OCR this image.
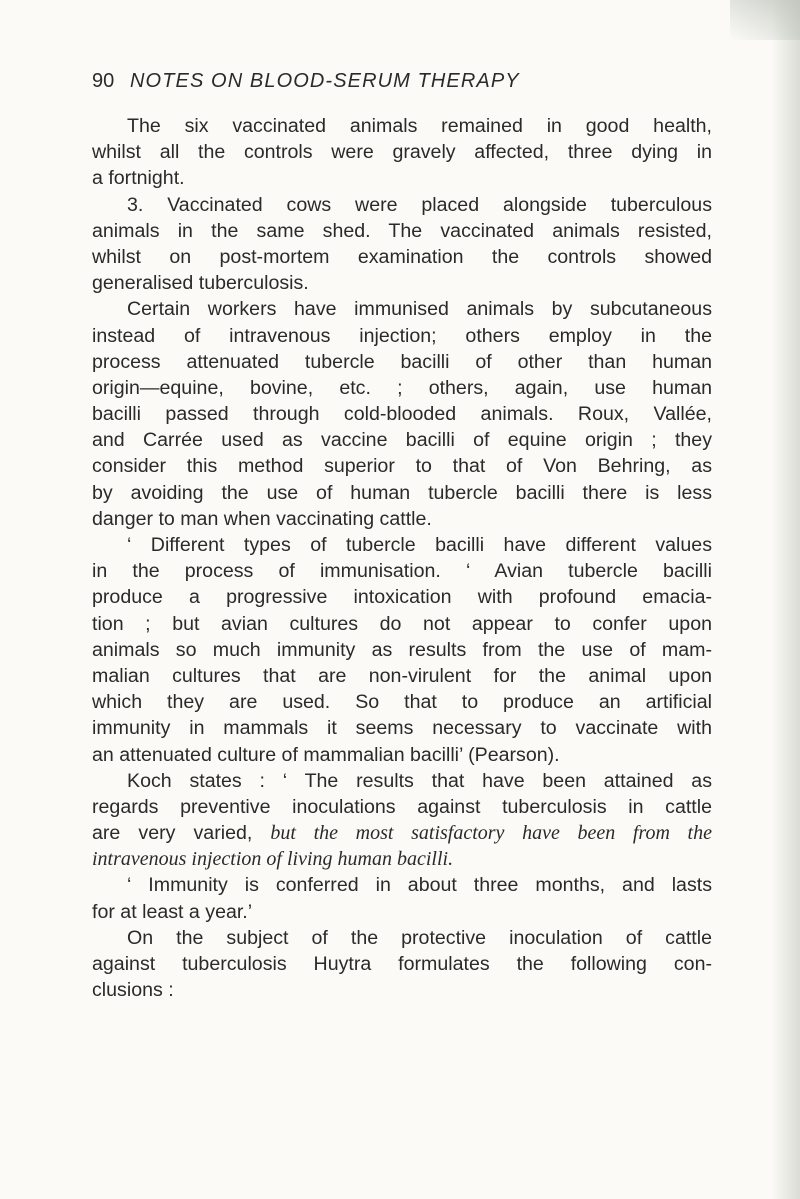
90 NOTES ON BLOOD-SERUM THERAPY
The six vaccinated animals remained in good health,
whilst all the controls were gravely affected, three dying in
a fortnight.
3. Vaccinated cows were placed alongside tuberculous
animals in the same shed. The vaccinated animals resisted,
whilst on post-mortem examination the controls showed
generalised tuberculosis.
Certain workers have immunised animals by subcutaneous
instead of intravenous injection; others employ in the
process attenuated tubercle bacilli of other than human
origin—equine, bovine, etc. ; others, again, use human
bacilli passed through cold-blooded animals. Roux, Vallée,
and Carrée used as vaccine bacilli of equine origin ; they
consider this method superior to that of Von Behring, as
by avoiding the use of human tubercle bacilli there is less
danger to man when vaccinating cattle.
‘ Different types of tubercle bacilli have different values
in the process of immunisation. ‘ Avian tubercle bacilli
produce a progressive intoxication with profound emacia-
tion ; but avian cultures do not appear to confer upon
animals so much immunity as results from the use of mam-
malian cultures that are non-virulent for the animal upon
which they are used. So that to produce an artificial
immunity in mammals it seems necessary to vaccinate with
an attenuated culture of mammalian bacilli’ (Pearson).
Koch states : ‘ The results that have been attained as
regards preventive inoculations against tuberculosis in cattle
are very varied, but the most satisfactory have been from the
intravenous injection of living human bacilli.
‘ Immunity is conferred in about three months, and lasts
for at least a year.’
On the subject of the protective inoculation of cattle
against tuberculosis Huytra formulates the following con-
clusions :
